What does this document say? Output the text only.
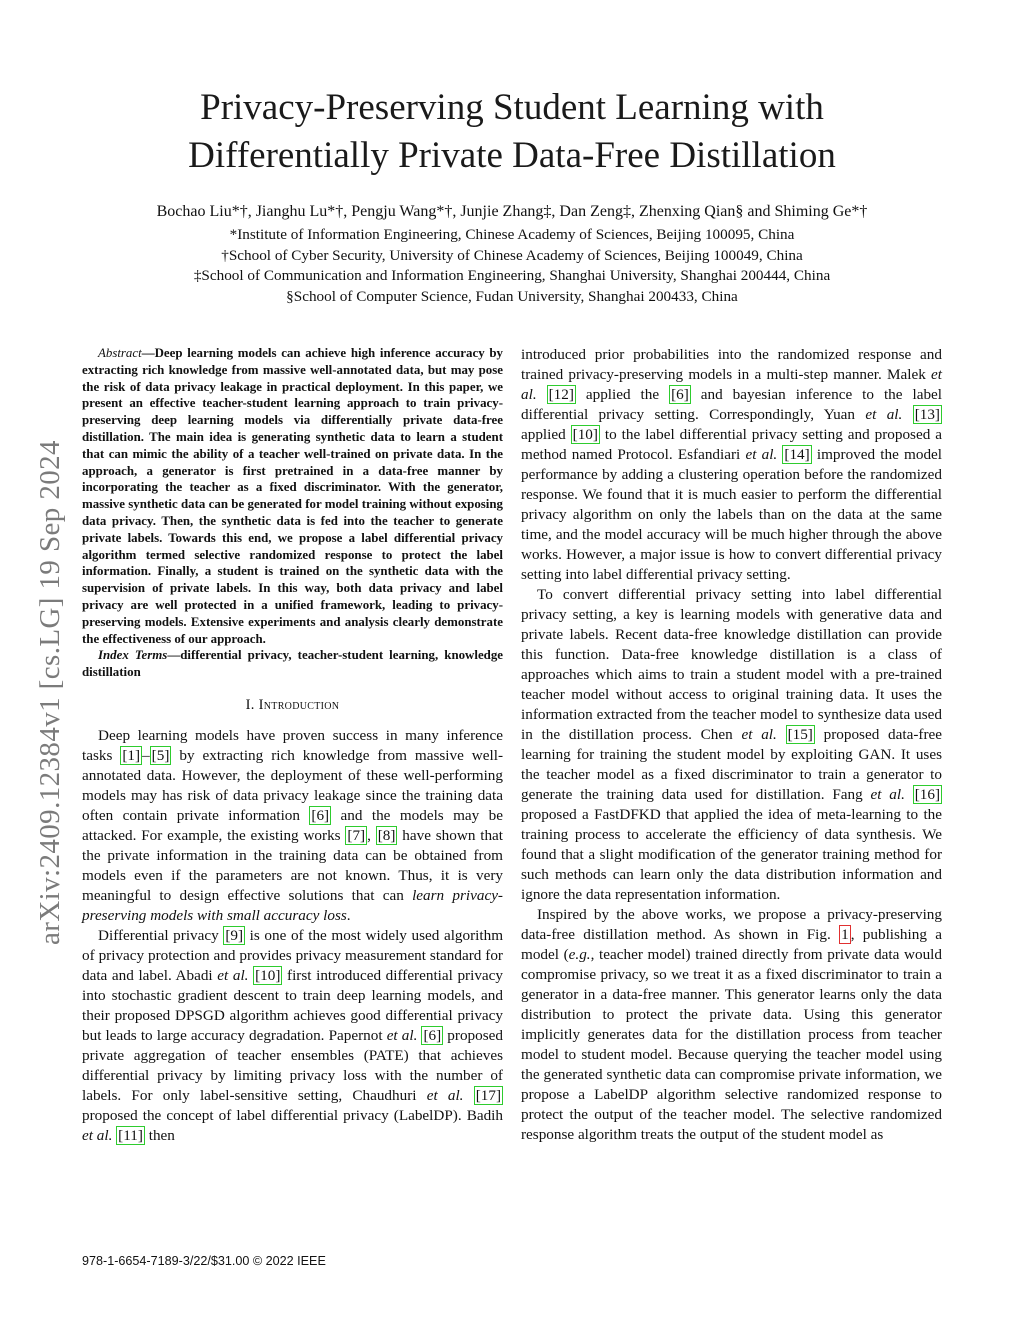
Privacy-Preserving Student Learning with
Differentially Private Data-Free Distillation
Bochao Liu*†, Jianghu Lu*†, Pengju Wang*†, Junjie Zhang‡, Dan Zeng‡, Zhenxing Qian§ and Shiming Ge*†
*Institute of Information Engineering, Chinese Academy of Sciences, Beijing 100095, China
†School of Cyber Security, University of Chinese Academy of Sciences, Beijing 100049, China
‡School of Communication and Information Engineering, Shanghai University, Shanghai 200444, China
§School of Computer Science, Fudan University, Shanghai 200433, China
arXiv:2409.12384v1 [cs.LG] 19 Sep 2024

Abstract—Deep learning models can achieve high inference accuracy by extracting rich knowledge from massive well-annotated data, but may pose the risk of data privacy leakage in practical deployment. In this paper, we present an effective teacher-student learning approach to train privacy-preserving deep learning models via differentially private data-free distillation. The main idea is generating synthetic data to learn a student that can mimic the ability of a teacher well-trained on private data. In the approach, a generator is first pretrained in a data-free manner by incorporating the teacher as a fixed discriminator. With the generator, massive synthetic data can be generated for model training without exposing data privacy. Then, the synthetic data is fed into the teacher to generate private labels. Towards this end, we propose a label differential privacy algorithm termed selective randomized response to protect the label information. Finally, a student is trained on the synthetic data with the supervision of private labels. In this way, both data privacy and label privacy are well protected in a unified framework, leading to privacy-preserving models. Extensive experiments and analysis clearly demonstrate the effectiveness of our approach.

Index Terms—differential privacy, teacher-student learning, knowledge distillation

I. Introduction

Deep learning models have proven success in many inference tasks [1] – [5] by extracting rich knowledge from massive well-annotated data. However, the deployment of these well-performing models may has risk of data privacy leakage since the training data often contain private information [6] and the models may be attacked. For example, the existing works [7] , [8] have shown that the private information in the training data can be obtained from models even if the parameters are not known. Thus, it is very meaningful to design effective solutions that can learn privacy-preserving models with small accuracy loss.

Differential privacy [9] is one of the most widely used algorithm of privacy protection and provides privacy measurement standard for data and label. Abadi et al. [10] first introduced differential privacy into stochastic gradient descent to train deep learning models, and their proposed DPSGD algorithm achieves good differential privacy but leads to large accuracy degradation. Papernot et al. [6] proposed private aggregation of teacher ensembles (PATE) that achieves differential privacy by limiting privacy loss with the number of labels. For only label-sensitive setting, Chaudhuri et al. [17] proposed the concept of label differential privacy (LabelDP). Badih et al. [11] then

introduced prior probabilities into the randomized response and trained privacy-preserving models in a multi-step manner. Malek et al. [12] applied the [6] and bayesian inference to the label differential privacy setting. Correspondingly, Yuan et al. [13] applied [10] to the label differential privacy setting and proposed a method named Protocol. Esfandiari et al. [14] improved the model performance by adding a clustering operation before the randomized response. We found that it is much easier to perform the differential privacy algorithm on only the labels than on the data at the same time, and the model accuracy will be much higher through the above works. However, a major issue is how to convert differential privacy setting into label differential privacy setting.

To convert differential privacy setting into label differential privacy setting, a key is learning models with generative data and private labels. Recent data-free knowledge distillation can provide this function. Data-free knowledge distillation is a class of approaches which aims to train a student model with a pre-trained teacher model without access to original training data. It uses the information extracted from the teacher model to synthesize data used in the distillation process. Chen et al. [15] proposed data-free learning for training the student model by exploiting GAN. It uses the teacher model as a fixed discriminator to train a generator to generate the training data used for distillation. Fang et al. [16] proposed a FastDFKD that applied the idea of meta-learning to the training process to accelerate the efficiency of data synthesis. We found that a slight modification of the generator training method for such methods can learn only the data distribution information and ignore the data representation information.

Inspired by the above works, we propose a privacy-preserving data-free distillation method. As shown in Fig. 1 , publishing a model (e.g., teacher model) trained directly from private data would compromise privacy, so we treat it as a fixed discriminator to train a generator in a data-free manner. This generator learns only the data distribution to protect the private data. Using this generator implicitly generates data for the distillation process from teacher model to student model. Because querying the teacher model using the generated synthetic data can compromise private information, we propose a LabelDP algorithm selective randomized response to protect the output of the teacher model. The selective randomized response algorithm treats the output of the student model as

978-1-6654-7189-3/22/$31.00 © 2022 IEEE
